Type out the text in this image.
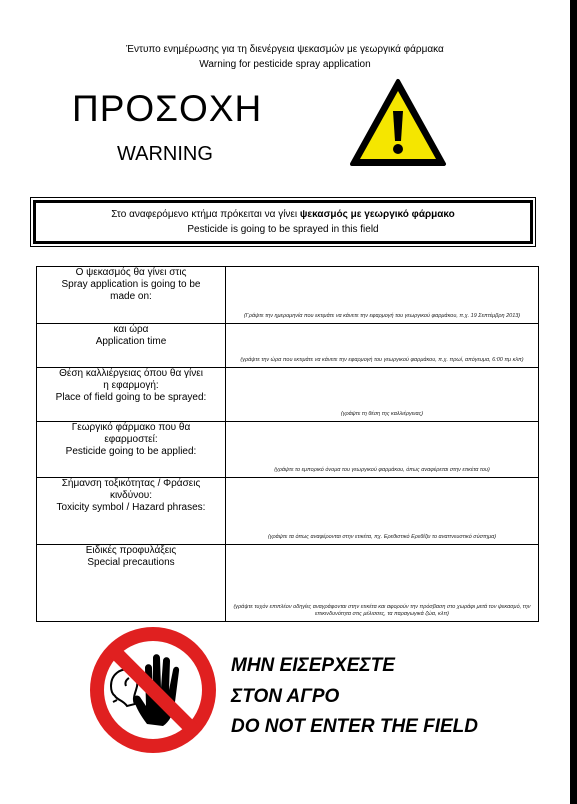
Έντυπο ενημέρωσης για τη διενέργεια ψεκασμών με γεωργικά φάρμακα
Warning for pesticide spray application
ΠΡΟΣΟΧΗ
WARNING
Στο αναφερόμενο κτήμα πρόκειται να γίνει ψεκασμός με γεωργικό φάρμακο
Pesticide is going to be sprayed in this field
Ο ψεκασμός θα γίνει στις
Spray application is going to be made on:	(Γράψτε την ημερομηνία που εκτιμάτε να κάνετε την εφαρμογή του γεωργικού φαρμάκου, π.χ. 19 Σεπτέμβρη 2013)

και ώρα
Application time	(γράψτε την ώρα που εκτιμάτε να κάνετε την εφαρμογή του γεωργικού φαρμάκου, π.χ. πρωί, απόγευμα, 6:00 πμ κλπ)

Θέση καλλιέργειας όπου θα γίνει η εφαρμογή:
Place of field going to be sprayed:	(γράψτε τη θέση της καλλιέργειας)

Γεωργικό φάρμακο που θα εφαρμοστεί:
Pesticide going to be applied:	(γράψτε το εμπορικό όνομα του γεωργικού φαρμάκου, όπως αναφέρεται στην ετικέτα του)

Σήμανση τοξικότητας / Φράσεις κινδύνου:
Toxicity symbol / Hazard phrases:	(γράψτε τα όπως αναφέρονται στην ετικέτα, πχ. Ερεθιστικό Ερεθίζει το αναπνευστικό σύστημα)

Ειδικές προφυλάξεις
Special precautions	(γράψτε τυχόν επιπλέον οδηγίες αναγράφονται στην ετικέτα και αφορούν την πρόσβαση στο χωράφι μετά τον ψεκασμό, την επικινδυνότητα στις μέλισσες, τα παραγωγικά ζώα, κλπ)
ΜΗΝ ΕΙΣΕΡΧΕΣΤΕ
ΣΤΟΝ ΑΓΡΟ
DO NOT ENTER THE FIELD
